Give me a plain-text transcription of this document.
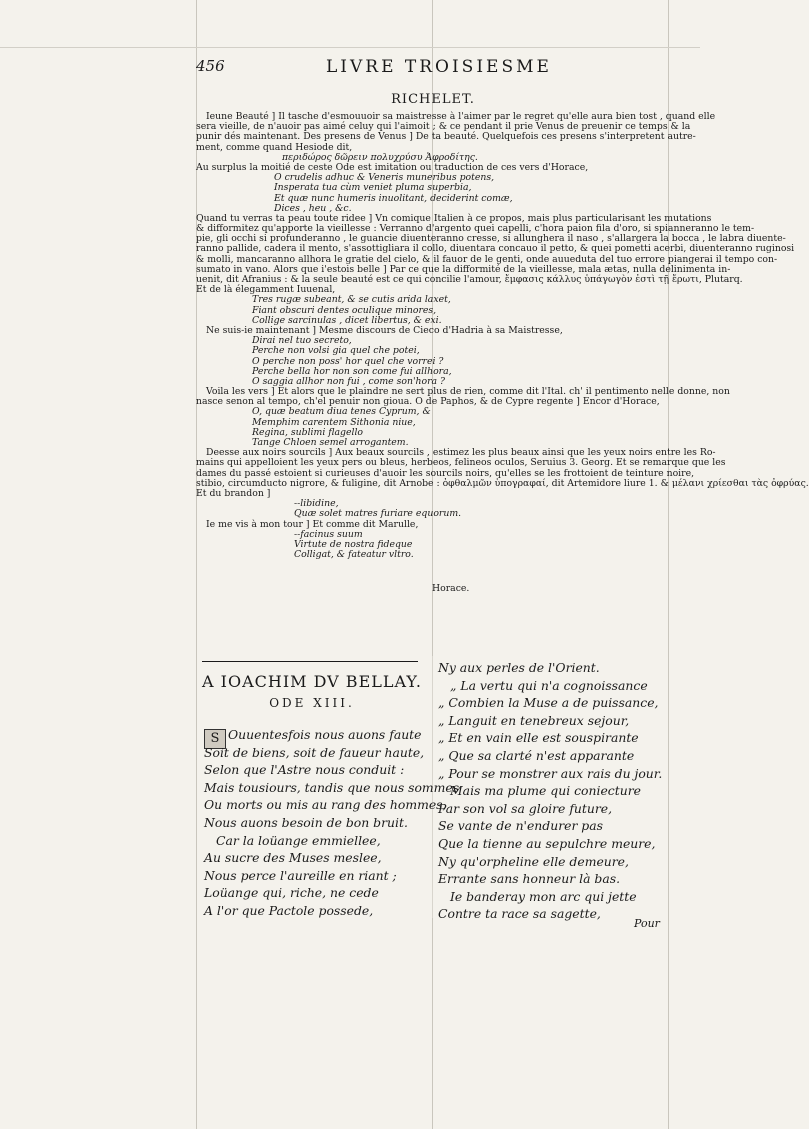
456	LIVRE TROISIESME
RICHELET.
Ieune Beauté ] Il tasche d'esmouuoir sa maistresse à l'aimer par le regret qu'elle aura bien tost , quand elle
sera vieille, de n'auoir pas aimé celuy qui l'aimoit ; & ce pendant il prie Venus de preuenir ce temps & la
punir dés maintenant. Des presens de Venus ] De ta beauté. Quelquefois ces presens s'interpretent autre-
ment, comme quand Hesiode dit,
περιδώρος δῶρειν πολυχρύσυ Ἀφροδίτης.
Au surplus la moitié de ceste Ode est imitation ou traduction de ces vers d'Horace,
O crudelis adhuc & Veneris muneribus potens,
Insperata tua cùm veniet pluma superbia,
Et quæ nunc humeris inuolitant, deciderint comæ,
Dices , heu , &c.
Quand tu verras ta peau toute ridee ] Vn comique Italien à ce propos, mais plus particularisant les mutations
& difformitez qu'apporte la vieillesse : Verranno d'argento quei capelli, c'hora paion fila d'oro, si spianneranno le tem-
pie, gli occhi si profunderanno , le guancie diuenteranno cresse, si allunghera il naso , s'allargera la bocca , le labra diuente-
ranno pallide, cadera il mento, s'assottigliara il collo, diuentara concauo il petto, & quei pometti acerbi, diuenteranno ruginosi
& molli, mancaranno allhora le gratie del cielo, & il fauor de le genti, onde auueduta del tuo errore piangerai il tempo con-
sumato in vano. Alors que i'estois belle ] Par ce que la difformité de la vieillesse, mala ætas, nulla delinimenta in-
uenit, dit Afranius : & la seule beauté est ce qui concilie l'amour, ἔμφασις κάλλυς ὑπάγωγὸν ἐστὶ τῇ ἔρωτι, Plutarq.
Et de là élegamment Iuuenal,
Tres rugæ subeant, & se cutis arida laxet,
Fiant obscuri dentes oculique minores,
Collige sarcinulas , dicet libertus, & exi.
Ne suis-ie maintenant ] Mesme discours de Cieco d'Hadria à sa Maistresse,
Dirai nel tuo secreto,
Perche non volsi gia quel che potei,
O perche non poss' hor quel che vorrei ?
Perche bella hor non son come fui allhora,
O saggia allhor non fui , come son'hora ?
Voila les vers ] Et alors que le plaindre ne sert plus de rien, comme dit l'Ital. ch' il pentimento nelle donne, non
nasce senon al tempo, ch'el penuir non gioua. O de Paphos, & de Cypre regente ] Encor d'Horace,
O, quæ beatum diua tenes Cyprum, &
Memphim carentem Sithonia niue,
Regina, sublimi flagello
Tange Chloen semel arrogantem.
Deesse aux noirs sourcils ] Aux beaux sourcils , estimez les plus beaux ainsi que les yeux noirs entre les Ro-
mains qui appelloient les yeux pers ou bleus, herbeos, felineos oculos, Seruius 3. Georg. Et se remarque que les
dames du passé estoient si curieuses d'auoir les sourcils noirs, qu'elles se les frottoient de teinture noire,
stibio, circumducto nigrore, & fuligine, dit Arnobe : ὀφθαλμῶν ὑπογραφαί, dit Artemidore liure 1. & μέλανι χρίεσθαι τὰς ὀφρύας.
Et du brandon ]
--libidine,
Quæ solet matres furiare equorum.
Ie me vis à mon tour ] Et comme dit Marulle,
--facinus suum
Virtute de nostra fideque
Colligat, & fateatur vltro.
Horace.
A IOACHIM DV BELLAY.
ODE XIII.
S Ouuentesfois nous auons faute
Soit de biens, soit de faueur haute,
Selon que l'Astre nous conduit :
Mais tousiours, tandis que nous sommes
Ou morts ou mis au rang des hommes,
Nous auons besoin de bon bruit.
Car la loüange emmiellee,
Au sucre des Muses meslee,
Nous perce l'aureille en riant ;
Loüange qui, riche, ne cede
A l'or que Pactole possede,
Ny aux perles de l'Orient.
„ La vertu qui n'a cognoissance
„ Combien la Muse a de puissance,
„ Languit en tenebreux sejour,
„ Et en vain elle est souspirante
„ Que sa clarté n'est apparante
„ Pour se monstrer aux rais du jour.
Mais ma plume qui coniecture
Par son vol sa gloire future,
Se vante de n'endurer pas
Que la tienne au sepulchre meure,
Ny qu'orpheline elle demeure,
Errante sans honneur là bas.
Ie banderay mon arc qui jette
Contre ta race sa sagette,
Pour
